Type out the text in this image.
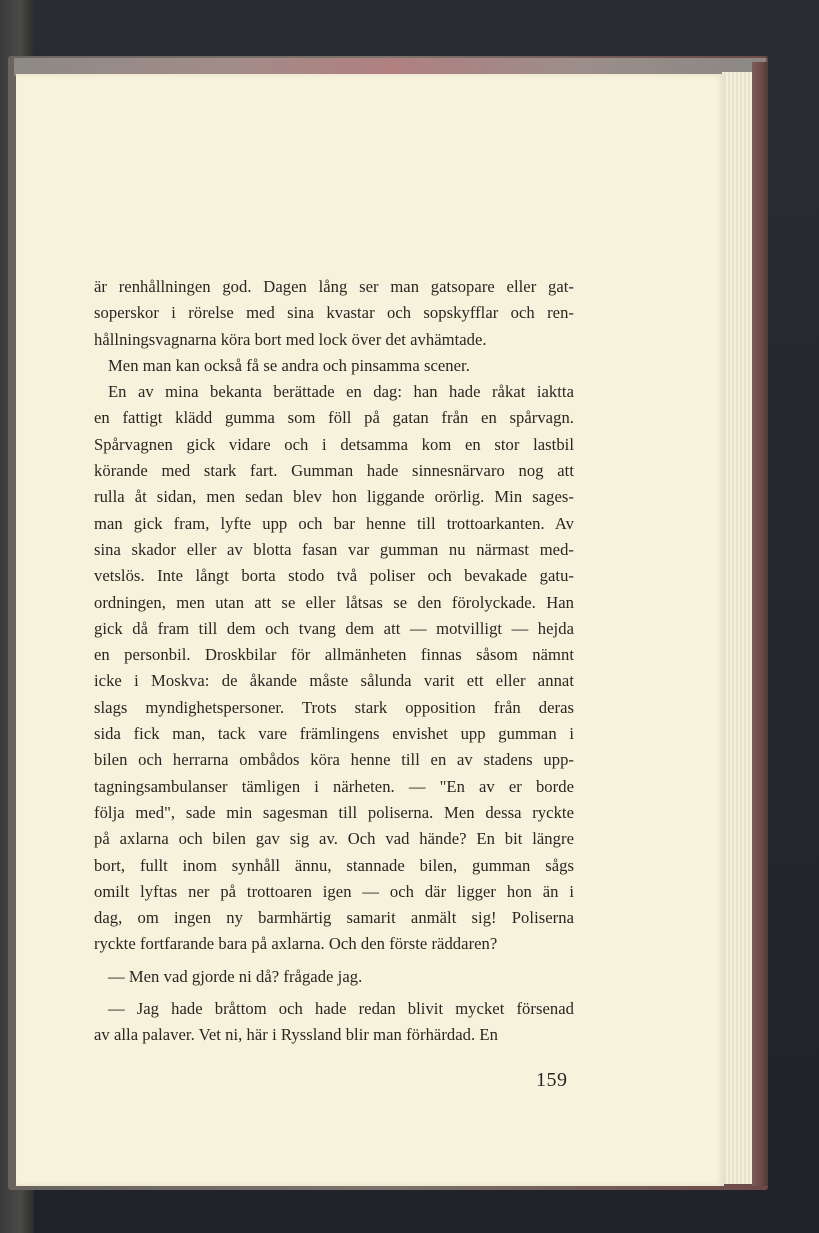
är renhållningen god. Dagen lång ser man gatsopare eller gat-
soperskor i rörelse med sina kvastar och sopskyfflar och ren-
hållningsvagnarna köra bort med lock över det avhämtade.
Men man kan också få se andra och pinsamma scener.
En av mina bekanta berättade en dag: han hade råkat iaktta
en fattigt klädd gumma som föll på gatan från en spårvagn.
Spårvagnen gick vidare och i detsamma kom en stor lastbil
körande med stark fart. Gumman hade sinnesnärvaro nog att
rulla åt sidan, men sedan blev hon liggande orörlig. Min sages-
man gick fram, lyfte upp och bar henne till trottoarkanten. Av
sina skador eller av blotta fasan var gumman nu närmast med-
vetslös. Inte långt borta stodo två poliser och bevakade gatu-
ordningen, men utan att se eller låtsas se den förolyckade. Han
gick då fram till dem och tvang dem att — motvilligt — hejda
en personbil. Droskbilar för allmänheten finnas såsom nämnt
icke i Moskva: de åkande måste sålunda varit ett eller annat
slags myndighetspersoner. Trots stark opposition från deras
sida fick man, tack vare främlingens envishet upp gumman i
bilen och herrarna ombådos köra henne till en av stadens upp-
tagningsambulanser tämligen i närheten. — "En av er borde
följa med", sade min sagesman till poliserna. Men dessa ryckte
på axlarna och bilen gav sig av. Och vad hände? En bit längre
bort, fullt inom synhåll ännu, stannade bilen, gumman sågs
omilt lyftas ner på trottoaren igen — och där ligger hon än i
dag, om ingen ny barmhärtig samarit anmält sig! Poliserna
ryckte fortfarande bara på axlarna. Och den förste räddaren?
— Men vad gjorde ni då? frågade jag.
— Jag hade bråttom och hade redan blivit mycket försenad
av alla palaver. Vet ni, här i Ryssland blir man förhärdad. En
159
